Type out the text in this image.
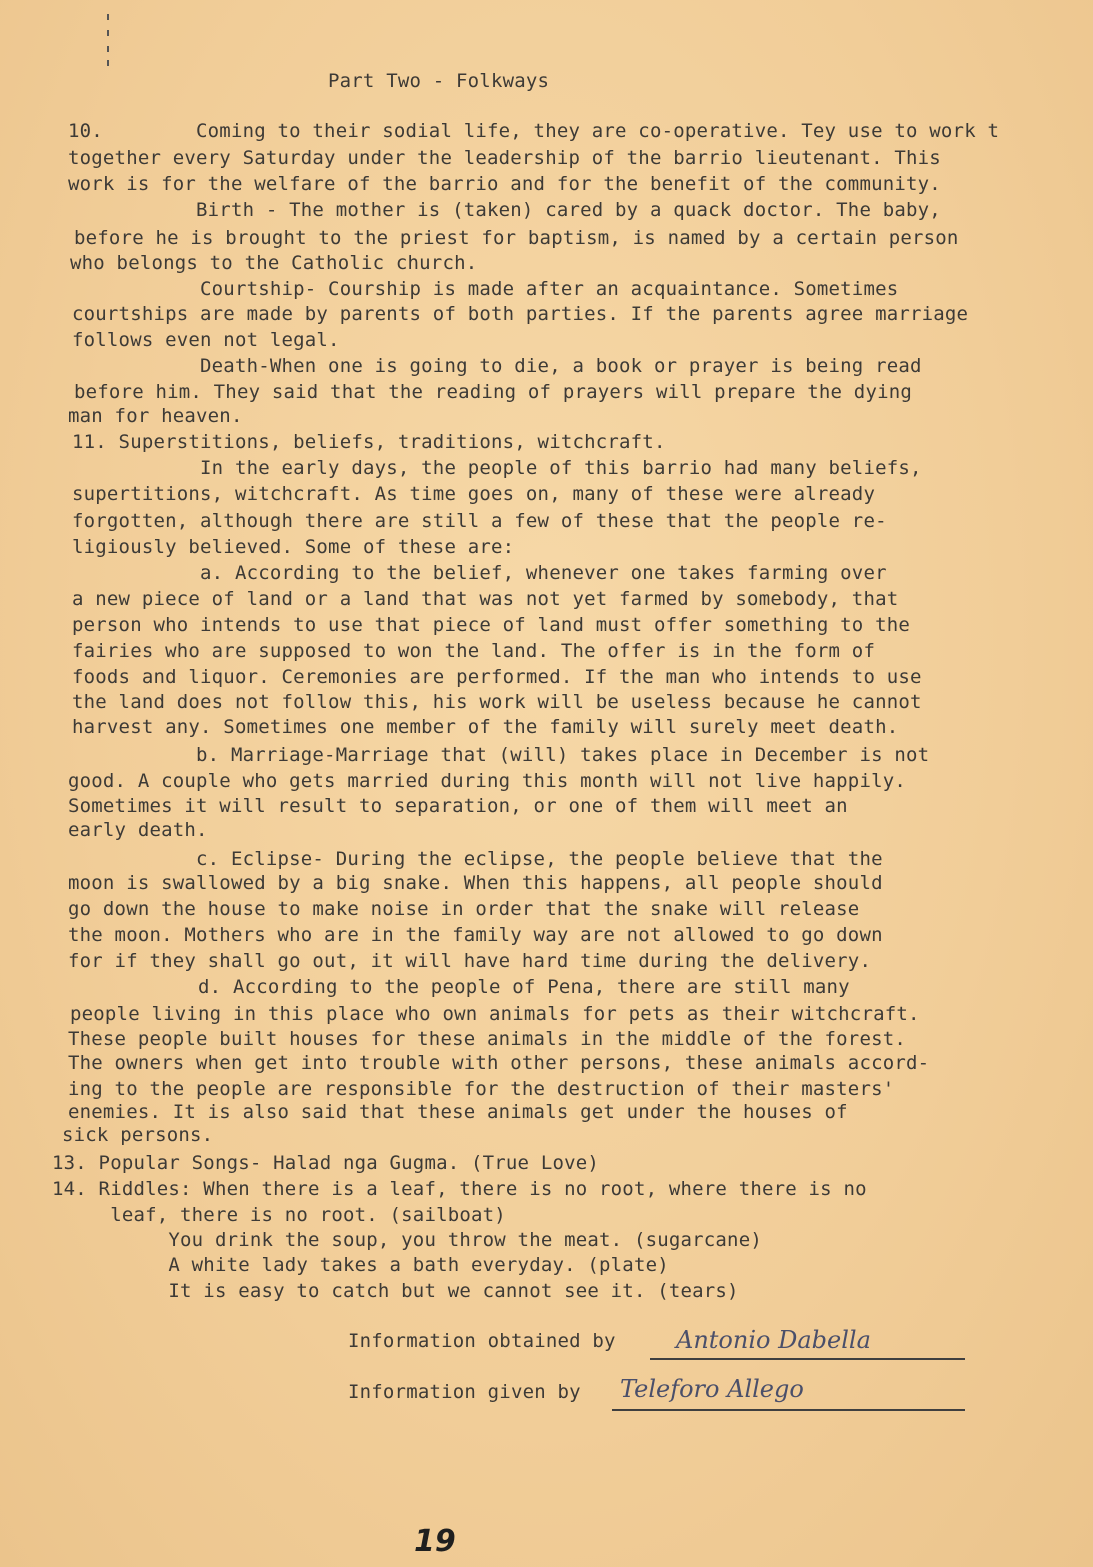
Part Two - Folkways
10.        Coming to their sodial life, they are co-operative. Tey use to work t
together every Saturday under the leadership of the barrio lieutenant. This
work is for the welfare of the barrio and for the benefit of the community.
Birth - The mother is (taken) cared by a quack doctor. The baby,
before he is brought to the priest for baptism, is named by a certain person
who belongs to the Catholic church.
Courtship- Courship is made after an acquaintance. Sometimes
courtships are made by parents of both parties. If the parents agree marriage
follows even not legal.
Death-When one is going to die, a book or prayer is being read
before him. They said that the reading of prayers will prepare the dying
man for heaven.
11. Superstitions, beliefs, traditions, witchcraft.
In the early days, the people of this barrio had many beliefs,
supertitions, witchcraft. As time goes on, many of these were already
forgotten, although there are still a few of these that the people re-
ligiously believed. Some of these are:
a. According to the belief, whenever one takes farming over
a new piece of land or a land that was not yet farmed by somebody, that
person who intends to use that piece of land must offer something to the
fairies who are supposed to won the land. The offer is in the form of
foods and liquor. Ceremonies are performed. If the man who intends to use
the land does not follow this, his work will be useless because he cannot
harvest any. Sometimes one member of the family will surely meet death.
b. Marriage-Marriage that (will) takes place in December is not
good. A couple who gets married during this month will not live happily.
Sometimes it will result to separation, or one of them will meet an
early death.
c. Eclipse- During the eclipse, the people believe that the
moon is swallowed by a big snake. When this happens, all people should
go down the house to make noise in order that the snake will release
the moon. Mothers who are in the family way are not allowed to go down
for if they shall go out, it will have hard time during the delivery.
d. According to the people of Pena, there are still many
people living in this place who own animals for pets as their witchcraft.
These people built houses for these animals in the middle of the forest.
The owners when get into trouble with other persons, these animals accord-
ing to the people are responsible for the destruction of their masters'
enemies. It is also said that these animals get under the houses of
sick persons.
13. Popular Songs- Halad nga Gugma. (True Love)
14. Riddles: When there is a leaf, there is no root, where there is no
leaf, there is no root. (sailboat)
You drink the soup, you throw the meat. (sugarcane)
A white lady takes a bath everyday. (plate)
It is easy to catch but we cannot see it. (tears)
Information obtained by	Antonio Dabella
Information given by Teleforo Allego
19
